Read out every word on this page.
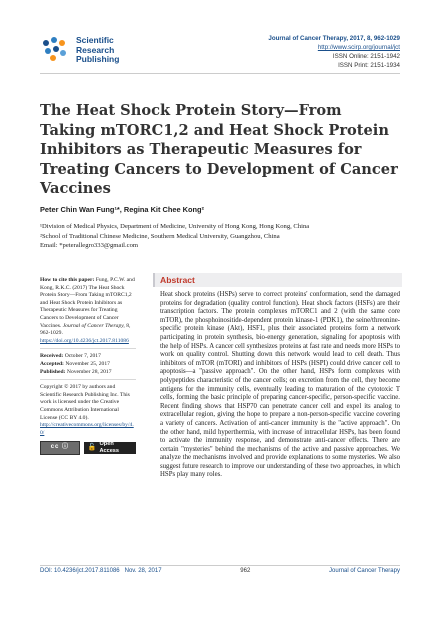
Scientific
Research
Publishing
Journal of Cancer Therapy, 2017, 8, 962-1029
http://www.scirp.org/journal/jct
ISSN Online: 2151-1942
ISSN Print: 2151-1934
The Heat Shock Protein Story—From Taking mTORC1,2 and Heat Shock Protein Inhibitors as Therapeutic Measures for Treating Cancers to Development of Cancer Vaccines
Peter Chin Wan Fung¹*, Regina Kit Chee Kong²
¹Division of Medical Physics, Department of Medicine, University of Hong Kong, Hong Kong, China
²School of Traditional Chinese Medicine, Southern Medical University, Guangzhou, China
Email: *peterallegro333@gmail.com

How to cite this paper: Fung, P.C.W. and Kong, R.K.C. (2017) The Heat Shock Protein Story—From Taking mTORC1,2 and Heat Shock Protein Inhibitors as Therapeutic Measures for Treating Cancers to Development of Cancer Vaccines. Journal of Cancer Therapy, 8, 962-1029.

https://doi.org/10.4236/jct.2017.811086

Received: October 7, 2017

Accepted: November 25, 2017

Published: November 28, 2017

Copyright © 2017 by authors and Scientific Research Publishing Inc. This work is licensed under the Creative Commons Attribution International License (CC BY 4.0).

http://creativecommons.org/licenses/by/4.0/

cc ⓘ	🔓
Open Access
Abstract

Heat shock proteins (HSPs) serve to correct proteins' conformation, send the damaged proteins for degradation (quality control function). Heat shock factors (HSFs) are their transcription factors. The protein complexes mTORC1 and 2 (with the same core mTOR), the phosphoinositide-dependent protein kinase-1 (PDK1), the seine/threonine-specific protein kinase (Akt), HSF1, plus their associated proteins form a network participating in protein synthesis, bio-energy generation, signaling for apoptosis with the help of HSPs. A cancer cell synthesizes proteins at fast rate and needs more HSPs to work on quality control. Shutting down this network would lead to cell death. Thus inhibitors of mTOR (mTORI) and inhibitors of HSPs (HSPI) could drive cancer cell to apoptosis—a "passive approach". On the other hand, HSPs form complexes with polypeptides characteristic of the cancer cells; on excretion from the cell, they become antigens for the immunity cells, eventually leading to maturation of the cytotoxic T cells, forming the basic principle of preparing cancer-specific, person-specific vaccine. Recent finding shows that HSP70 can penetrate cancer cell and expel its analog to extracellular region, giving the hope to prepare a non-person-specific vaccine covering a variety of cancers. Activation of anti-cancer immunity is the "active approach". On the other hand, mild hyperthermia, with increase of intracellular HSPs, has been found to activate the immunity response, and demonstrate anti-cancer effects. There are certain "mysteries" behind the mechanisms of the active and passive approaches. We analyze the mechanisms involved and provide explanations to some mysteries. We also suggest future research to improve our understanding of these two approaches, in which HSPs play many roles.

DOI: 10.4236/jct.2017.811086 Nov. 28, 2017	962	Journal of Cancer Therapy
